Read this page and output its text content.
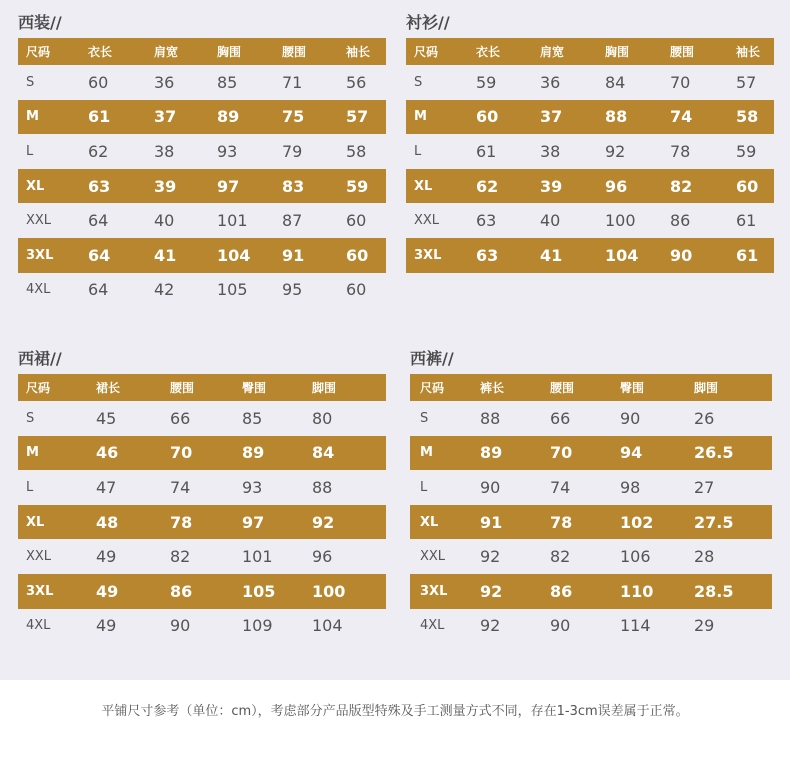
西装//
尺码	衣长	肩宽	胸围	腰围	袖长
S	60	36	85	71	56
M	61	37	89	75	57
L	62	38	93	79	58
XL	63	39	97	83	59
XXL 64	40	101 87	60
3XL 64	41	104 91	60
4XL 64	42	105 95	60
衬衫//
尺码	衣长	肩宽	胸围	腰围	袖长
S	59	36	84	70	57
M	60	37	88	74	58
L	61	38	92	78	59
XL	62	39	96	82	60
XXL 63	40	100 86	61
3XL 63	41	104 90	61
西裙//
尺码	裙长	腰围	臀围	脚围
S	45	66	85	80
M	46	70	89	84
L	47	74	93	88
XL	48	78	97	92
XXL	49	82	101 96
3XL	49	86	105 100
4XL	49	90	109 104
西裤//
尺码	裤长	腰围	臀围	脚围
S	88	66	90	26
M	89	70	94	26.5
L	90	74	98	27
XL	91	78	102	27.5
XXL 92	82	106	28
3XL 92	86	110	28.5
4XL 92	90	114	29
平铺尺寸参考（单位：cm），考虑部分产品版型特殊及手工测量方式不同，存在1-3cm误差属于正常。
